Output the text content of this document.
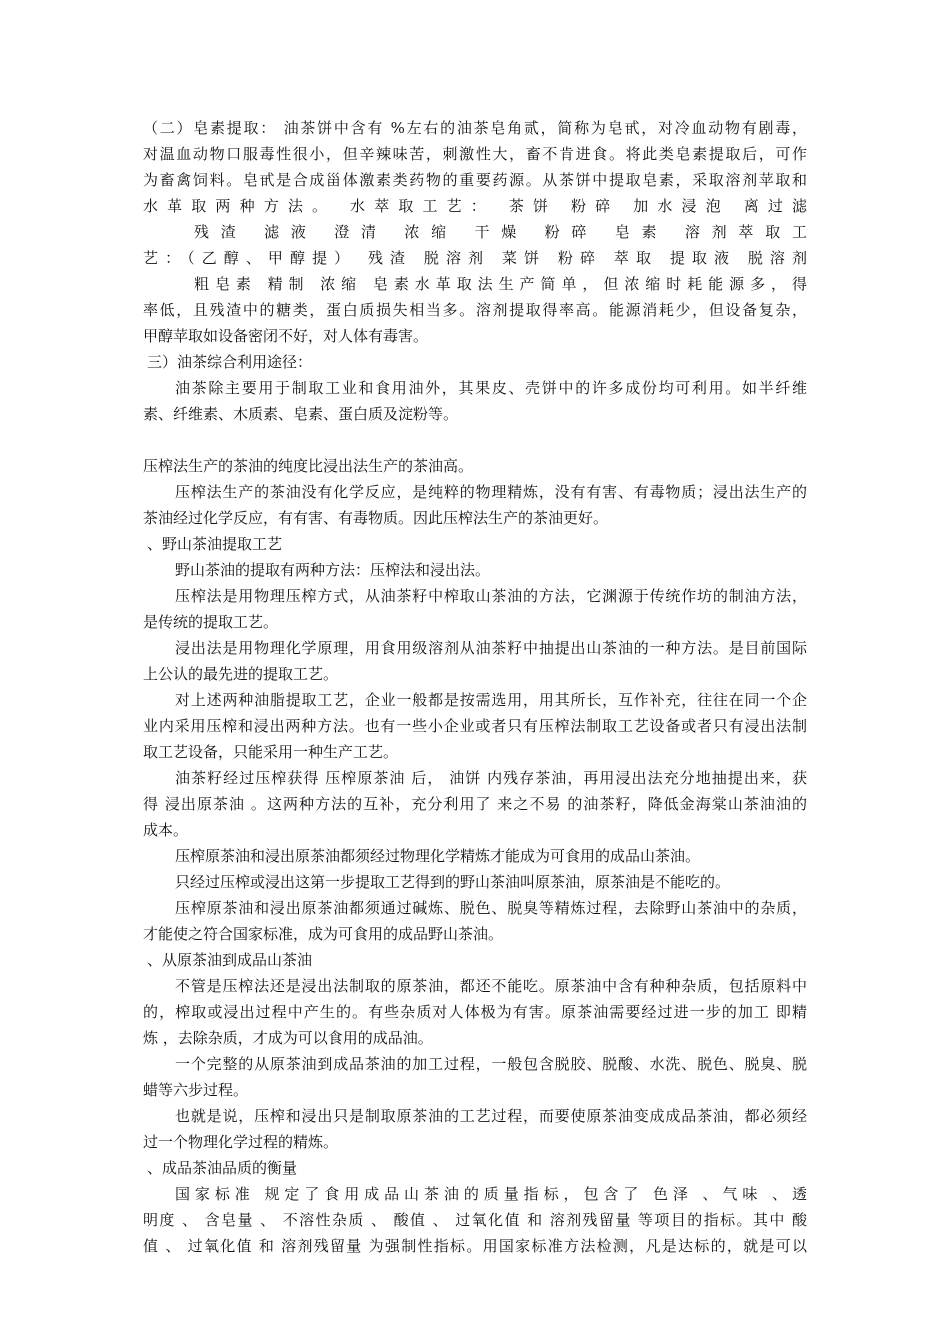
（二）皂素提取： 油茶饼中含有 %左右的油茶皂角贰，简称为皂甙，对冷血动物有剧毒，
对温血动物口服毒性很小，但辛辣味苦，刺激性大，畜不肯进食。将此类皂素提取后，可作
为畜禽饲料。皂甙是合成甾体激素类药物的重要药源。从茶饼中提取皂素，采取溶剂苹取和
水革取两种方法。 水萃取工艺： 茶饼 粉碎 加水浸泡 离过滤
残渣 滤液 澄清 浓缩 干燥 粉碎 皂素 溶剂萃取工
艺：（乙醇、甲醇提） 残渣 脱溶剂 菜饼 粉碎 萃取 提取液 脱溶剂
粗皂素 精制 浓缩 皂素水革取法生产简单，但浓缩时耗能源多，得
率低，且残渣中的糖类，蛋白质损失相当多。溶剂提取得率高。能源消耗少，但设备复杂，
甲醇苹取如设备密闭不好，对人体有毒害。
三）油茶综合利用途径：
油茶除主要用于制取工业和食用油外，其果皮、壳饼中的许多成份均可利用。如半纤维
素、纤维素、木质素、皂素、蛋白质及淀粉等。
压榨法生产的茶油的纯度比浸出法生产的茶油高。
压榨法生产的茶油没有化学反应，是纯粹的物理精炼，没有有害、有毒物质；浸出法生产的
茶油经过化学反应，有有害、有毒物质。因此压榨法生产的茶油更好。
、野山茶油提取工艺
野山茶油的提取有两种方法：压榨法和浸出法。
压榨法是用物理压榨方式，从油茶籽中榨取山茶油的方法，它渊源于传统作坊的制油方法，
是传统的提取工艺。
浸出法是用物理化学原理，用食用级溶剂从油茶籽中抽提出山茶油的一种方法。是目前国际
上公认的最先进的提取工艺。
对上述两种油脂提取工艺，企业一般都是按需选用，用其所长，互作补充，往往在同一个企
业内采用压榨和浸出两种方法。也有一些小企业或者只有压榨法制取工艺设备或者只有浸出法制
取工艺设备，只能采用一种生产工艺。
油茶籽经过压榨获得 压榨原茶油 后， 油饼 内残存茶油，再用浸出法充分地抽提出来，获
得 浸出原茶油 。这两种方法的互补，充分利用了 来之不易 的油茶籽，降低金海棠山茶油油的
成本。
压榨原茶油和浸出原茶油都须经过物理化学精炼才能成为可食用的成品山茶油。
只经过压榨或浸出这第一步提取工艺得到的野山茶油叫原茶油，原茶油是不能吃的。
压榨原茶油和浸出原茶油都须通过碱炼、脱色、脱臭等精炼过程，去除野山茶油中的杂质，
才能使之符合国家标准，成为可食用的成品野山茶油。
、从原茶油到成品山茶油
不管是压榨法还是浸出法制取的原茶油，都还不能吃。原茶油中含有种种杂质，包括原料中
的，榨取或浸出过程中产生的。有些杂质对人体极为有害。原茶油需要经过进一步的加工 即精
炼 ，去除杂质，才成为可以食用的成品油。
一个完整的从原茶油到成品茶油的加工过程，一般包含脱胶、脱酸、水洗、脱色、脱臭、脱
蜡等六步过程。
也就是说，压榨和浸出只是制取原茶油的工艺过程，而要使原茶油变成成品茶油，都必须经
过一个物理化学过程的精炼。
、成品茶油品质的衡量
国家标准 规定了食用成品山茶油的质量指标，包含了 色泽 、气味 、透
明度 、 含皂量 、 不溶性杂质 、 酸值 、 过氧化值 和 溶剂残留量 等项目的指标。其中 酸
值 、 过氧化值 和 溶剂残留量 为强制性指标。用国家标准方法检测，凡是达标的，就是可以
